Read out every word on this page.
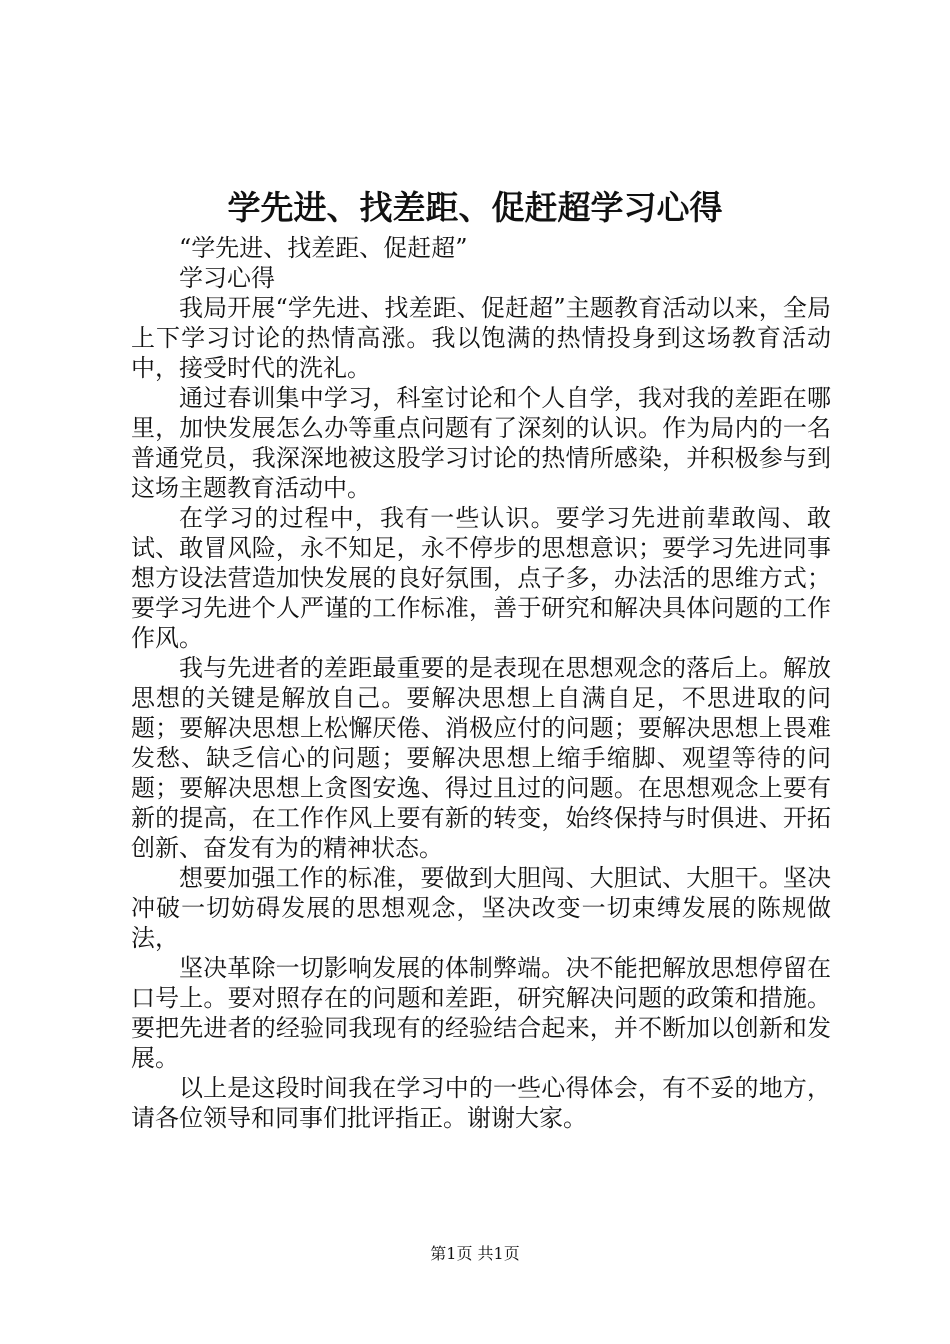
学先进、找差距、促赶超学习心得

“学先进、找差距、促赶超”

学习心得

我局开展“学先进、找差距、促赶超”主题教育活动以来，全局上下学习讨论的热情高涨。我以饱满的热情投身到这场教育活动中，接受时代的洗礼。

通过春训集中学习，科室讨论和个人自学，我对我的差距在哪里，加快发展怎么办等重点问题有了深刻的认识。作为局内的一名普通党员，我深深地被这股学习讨论的热情所感染，并积极参与到这场主题教育活动中。

在学习的过程中，我有一些认识。要学习先进前辈敢闯、敢试、敢冒风险，永不知足，永不停步的思想意识；要学习先进同事想方设法营造加快发展的良好氛围，点子多，办法活的思维方式；要学习先进个人严谨的工作标准，善于研究和解决具体问题的工作作风。

我与先进者的差距最重要的是表现在思想观念的落后上。解放思想的关键是解放自己。要解决思想上自满自足，不思进取的问题；要解决思想上松懈厌倦、消极应付的问题；要解决思想上畏难发愁、缺乏信心的问题；要解决思想上缩手缩脚、观望等待的问题；要解决思想上贪图安逸、得过且过的问题。在思想观念上要有新的提高，在工作作风上要有新的转变，始终保持与时俱进、开拓创新、奋发有为的精神状态。

想要加强工作的标准，要做到大胆闯、大胆试、大胆干。坚决冲破一切妨碍发展的思想观念，坚决改变一切束缚发展的陈规做法，

坚决革除一切影响发展的体制弊端。决不能把解放思想停留在口号上。要对照存在的问题和差距，研究解决问题的政策和措施。要把先进者的经验同我现有的经验结合起来，并不断加以创新和发展。

以上是这段时间我在学习中的一些心得体会，有不妥的地方，请各位领导和同事们批评指正。谢谢大家。

第1页 共1页
